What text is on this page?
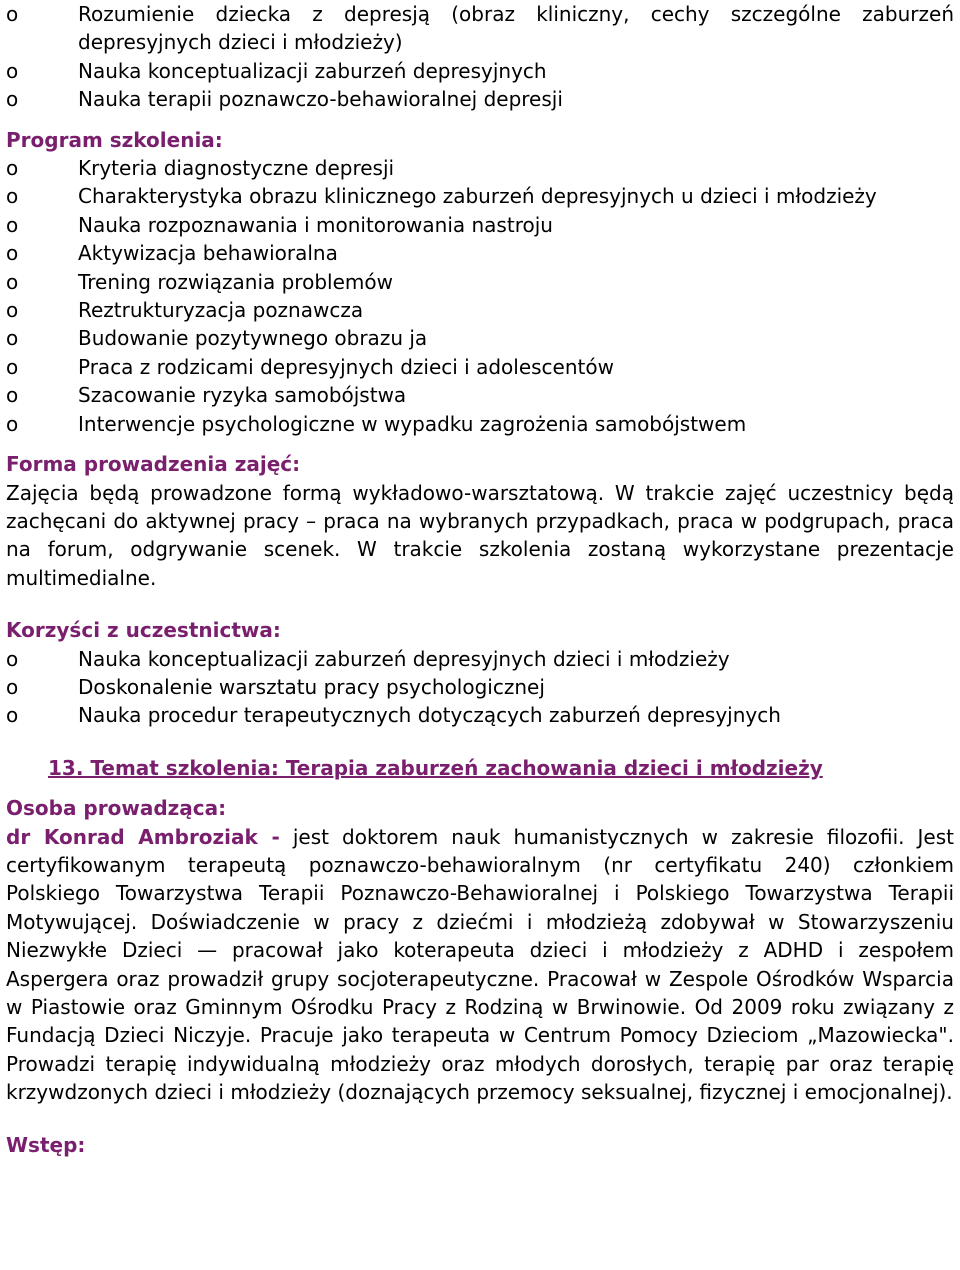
o	Rozumienie dziecka z depresją (obraz kliniczny, cechy szczególne zaburzeń depresyjnych dzieci i młodzieży)
o	Nauka konceptualizacji zaburzeń depresyjnych
o	Nauka terapii poznawczo-behawioralnej depresji

Program szkolenia:

o	Kryteria diagnostyczne depresji
o	Charakterystyka obrazu klinicznego zaburzeń depresyjnych u dzieci i młodzieży
o	Nauka rozpoznawania i monitorowania nastroju
o	Aktywizacja behawioralna
o	Trening rozwiązania problemów
o	Reztrukturyzacja poznawcza
o	Budowanie pozytywnego obrazu ja
o	Praca z rodzicami depresyjnych dzieci i adolescentów
o	Szacowanie ryzyka samobójstwa
o	Interwencje psychologiczne w wypadku zagrożenia samobójstwem

Forma prowadzenia zajęć:

Zajęcia będą prowadzone formą wykładowo-warsztatową. W trakcie zajęć uczestnicy będą zachęcani do aktywnej pracy – praca na wybranych przypadkach, praca w podgrupach, praca na forum, odgrywanie scenek. W trakcie szkolenia zostaną wykorzystane prezentacje multimedialne.

Korzyści z uczestnictwa:

o	Nauka konceptualizacji zaburzeń depresyjnych dzieci i młodzieży
o	Doskonalenie warsztatu pracy psychologicznej
o	Nauka procedur terapeutycznych dotyczących zaburzeń depresyjnych

13. Temat szkolenia: Terapia zaburzeń zachowania dzieci i młodzieży

Osoba prowadząca:

dr Konrad Ambroziak - jest doktorem nauk humanistycznych w zakresie filozofii. Jest certyfikowanym terapeutą poznawczo-behawioralnym (nr certyfikatu 240) członkiem Polskiego Towarzystwa Terapii Poznawczo-Behawioralnej i Polskiego Towarzystwa Terapii Motywującej. Doświadczenie w pracy z dziećmi i młodzieżą zdobywał w Stowarzyszeniu Niezwykłe Dzieci — pracował jako koterapeuta dzieci i młodzieży z ADHD i zespołem Aspergera oraz prowadził grupy socjoterapeutyczne. Pracował w Zespole Ośrodków Wsparcia w Piastowie oraz Gminnym Ośrodku Pracy z Rodziną w Brwinowie. Od 2009 roku związany z Fundacją Dzieci Niczyje. Pracuje jako terapeuta w Centrum Pomocy Dzieciom „Mazowiecka". Prowadzi terapię indywidualną młodzieży oraz młodych dorosłych, terapię par oraz terapię krzywdzonych dzieci i młodzieży (doznających przemocy seksualnej, fizycznej i emocjonalnej).

Wstęp:
